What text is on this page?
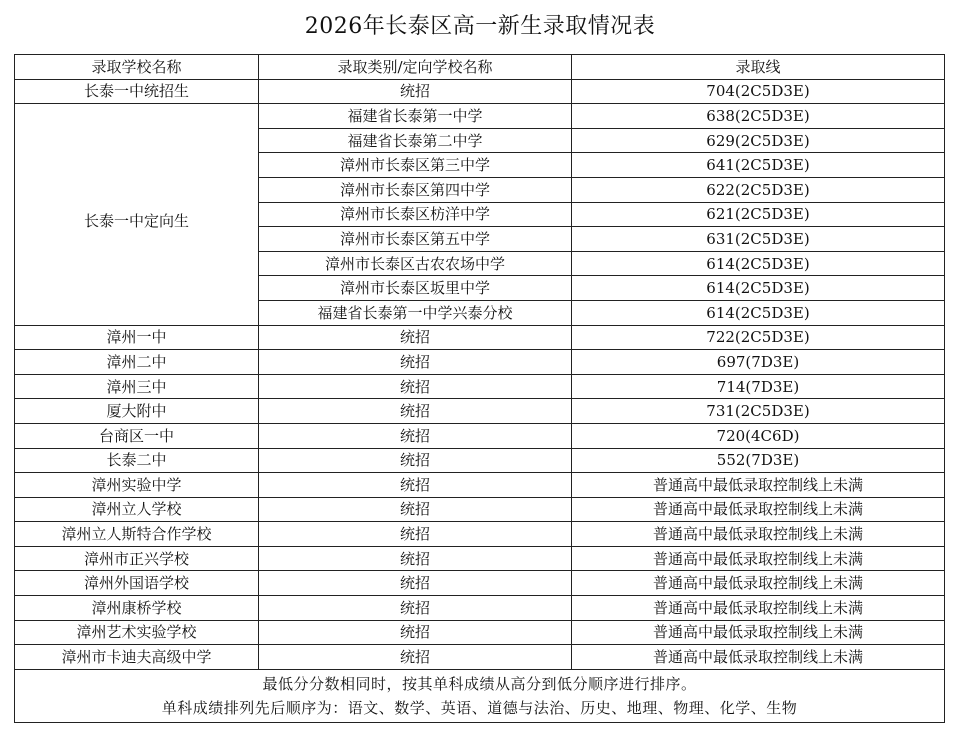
2026年长泰区高一新生录取情况表
录取学校名称	录取类别/定向学校名称	录取线
长泰一中统招生	统招	704(2C5D3E)
长泰一中定向生	福建省长泰第一中学	638(2C5D3E)
	福建省长泰第二中学	629(2C5D3E)
	漳州市长泰区第三中学	641(2C5D3E)
	漳州市长泰区第四中学	622(2C5D3E)
	漳州市长泰区枋洋中学	621(2C5D3E)
	漳州市长泰区第五中学	631(2C5D3E)
	漳州市长泰区古农农场中学	614(2C5D3E)
	漳州市长泰区坂里中学	614(2C5D3E)
	福建省长泰第一中学兴泰分校	614(2C5D3E)
漳州一中	统招	722(2C5D3E)
漳州二中	统招	697(7D3E)
漳州三中	统招	714(7D3E)
厦大附中	统招	731(2C5D3E)
台商区一中	统招	720(4C6D)
长泰二中	统招	552(7D3E)
漳州实验中学	统招	普通高中最低录取控制线上未满
漳州立人学校	统招	普通高中最低录取控制线上未满
漳州立人斯特合作学校	统招	普通高中最低录取控制线上未满
漳州市正兴学校	统招	普通高中最低录取控制线上未满
漳州外国语学校	统招	普通高中最低录取控制线上未满
漳州康桥学校	统招	普通高中最低录取控制线上未满
漳州艺术实验学校	统招	普通高中最低录取控制线上未满
漳州市卡迪夫高级中学	统招	普通高中最低录取控制线上未满

最低分分数相同时，按其单科成绩从高分到低分顺序进行排序。
单科成绩排列先后顺序为：语文、数学、英语、道德与法治、历史、地理、物理、化学、生物		
